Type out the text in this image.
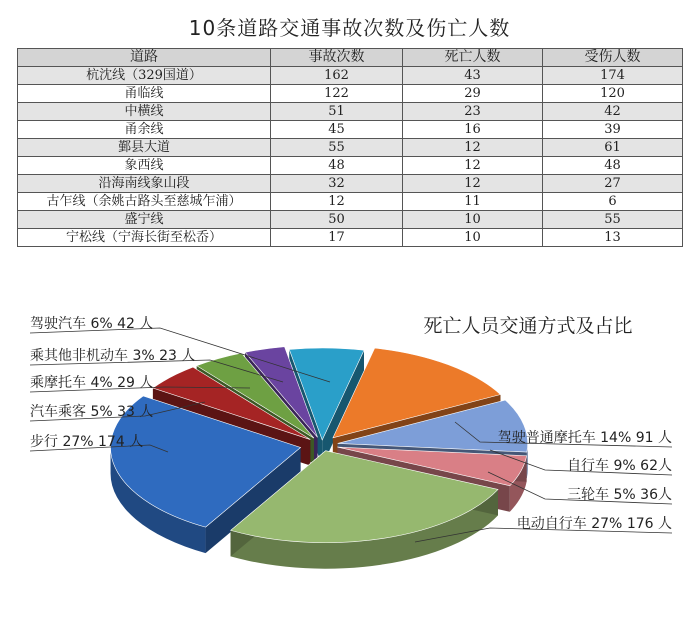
10条道路交通事故次数及伤亡人数
道路	事故次数	死亡人数	受伤人数
杭沈线（329国道）	162	43	174
甬临线	122	29	120
中横线	51	23	42
甬余线	45	16	39
鄞县大道	55	12	61
象西线	48	12	48
沿海南线象山段	32	12	27
古乍线（余姚古路头至慈城乍浦）	12	11	6
盛宁线	50	10	55
宁松线（宁海长街至松岙）	17	10	13
死亡人员交通方式及占比
驾驶汽车 6% 42 人
驾驶普通摩托车 14% 91 人
自行车 9% 62人
三轮车 5% 36人
电动自行车 27% 176 人
步行 27% 174 人
汽车乘客 5% 33 人
乘摩托车 4% 29 人
乘其他非机动车 3% 23 人
